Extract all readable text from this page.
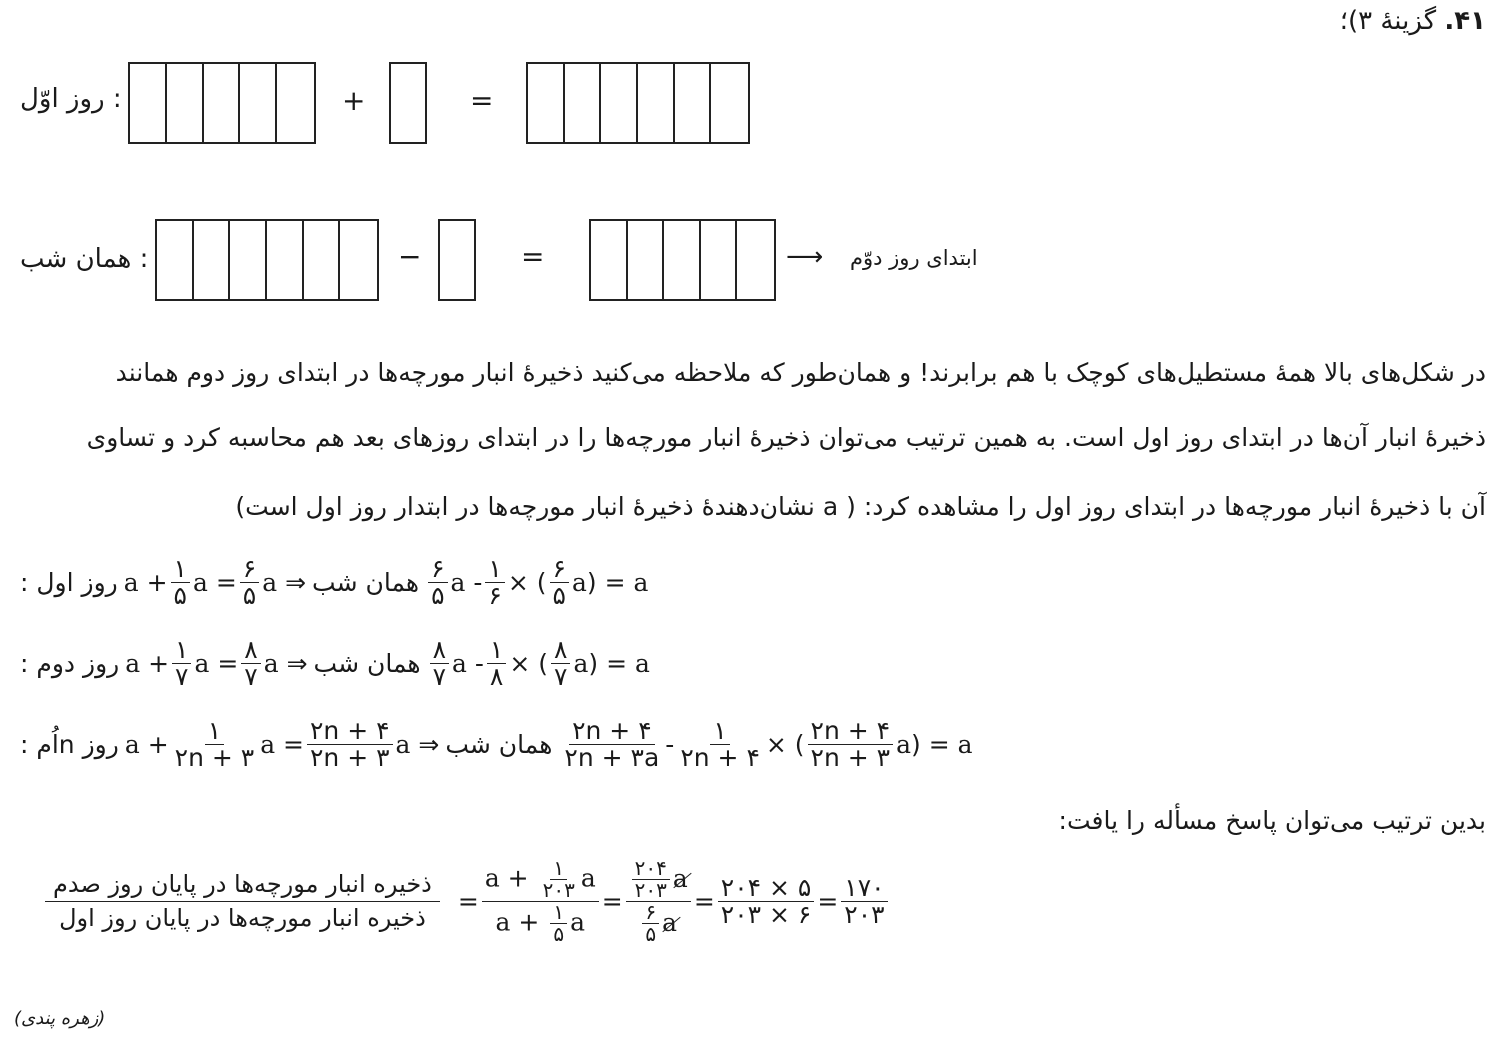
۴۱. گزینهٔ ۳)؛
: روز اوّل	+	=
: همان شب	−	=	⟶ ابتدای روز دوّم
در شکل‌های بالا همهٔ مستطیل‌های کوچک با هم برابرند! و همان‌طور که ملاحظه می‌کنید ذخیرهٔ انبار مورچه‌ها در ابتدای روز دوم همانند
ذخیرهٔ انبار آن‌ها در ابتدای روز اول است. به همین ترتیب می‌توان ذخیرهٔ انبار مورچه‌ها را در ابتدای روزهای بعد هم محاسبه کرد و تساوی
آن با ذخیرهٔ انبار مورچه‌ها در ابتدای روز اول را مشاهده کرد: ( a نشان‌دهندهٔ ذخیرهٔ انبار مورچه‌ها در ابتدار روز اول است)
روز اول : a
+ $\frac{۱}{۵}$ a
= $\frac{۶}{۵}$ a
⇒ همان شب $\frac{۶}{۵}$ a
- $\frac{۱}{۶}$ ×
( $\frac{۶}{۵}$ a )
=
a
روز دوم : a
+ $\frac{۱}{۷}$ a
= $\frac{۸}{۷}$ a
⇒ همان شب $\frac{۸}{۷}$ a
- $\frac{۱}{۸}$ ×
( $\frac{۸}{۷}$ a )
=
a
روز nاُم : a
+ $\frac{۱}{۲n + ۳}$ a
= $\frac{۲n + ۴}{۲n + ۳}$ a
⇒ همان شب $\frac{۲n + ۴}{۲n + ۳a} - \frac{۱}{۲n + ۴}$ ×
( $\frac{۲n + ۴}{۲n + ۳}$ a )
=
a
بدین ترتیب می‌توان پاسخ مسأله را یافت:
$\frac{\text{ذخیره انبار مورچه‌ها در پایان روز صدم}}{\text{ذخیره انبار مورچه‌ها در پایان روز اول}} = \frac{a + \frac{۱}{۲۰۳} a}{a + \frac{۱}{۵} a} = \frac{\frac{۲۰۴}{۲۰۳} a}{\frac{۶}{۵} a} = \frac{۲۰۴ \times ۵}{۲۰۳ \times ۶} = \frac{۱۷۰}{۲۰۳}$
(زهره پندی)
